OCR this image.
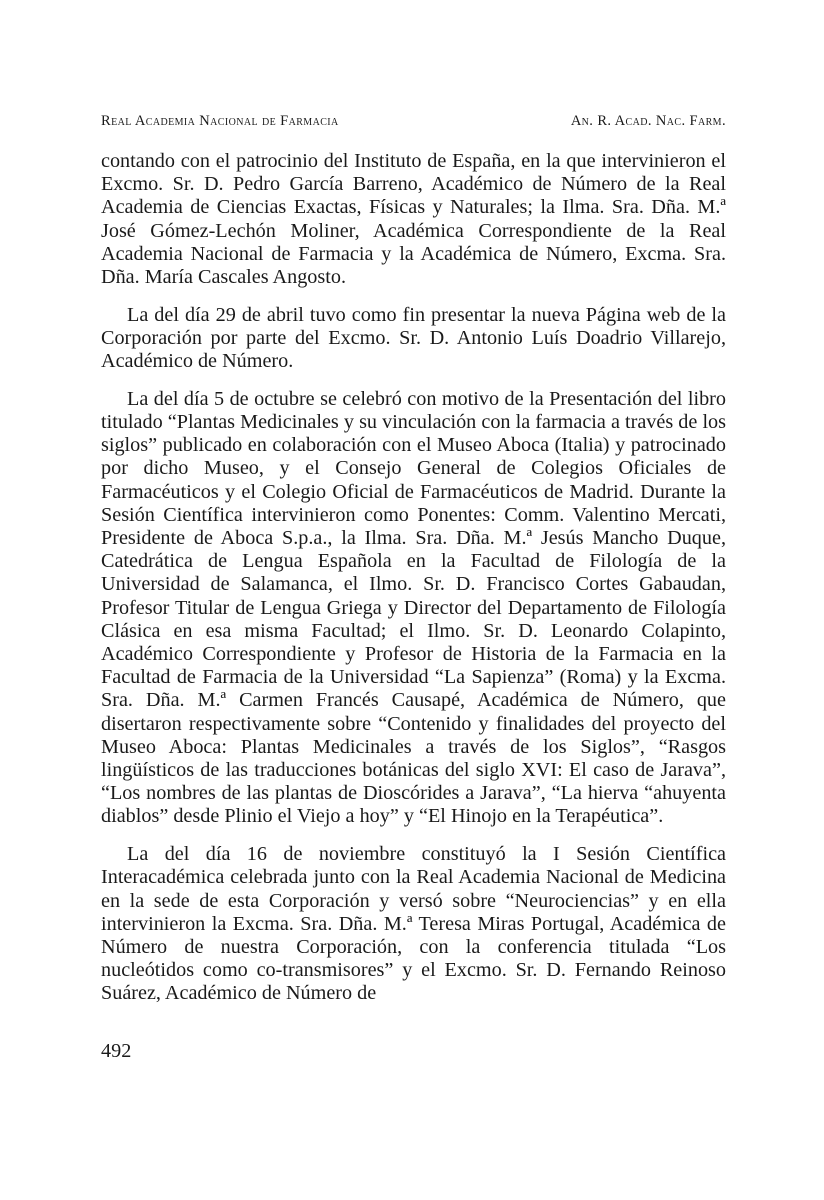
Real Academia Nacional de Farmacia	An. R. Acad. Nac. Farm.

contando con el patrocinio del Instituto de España, en la que intervinieron el Excmo. Sr. D. Pedro García Barreno, Académico de Número de la Real Academia de Ciencias Exactas, Físicas y Naturales; la Ilma. Sra. Dña. M.ª José Gómez-Lechón Moliner, Académica Correspondiente de la Real Academia Nacional de Farmacia y la Académica de Número, Excma. Sra. Dña. María Cascales Angosto.

La del día 29 de abril tuvo como fin presentar la nueva Página web de la Corporación por parte del Excmo. Sr. D. Antonio Luís Doadrio Villarejo, Académico de Número.

La del día 5 de octubre se celebró con motivo de la Presentación del libro titulado “Plantas Medicinales y su vinculación con la farmacia a través de los siglos” publicado en colaboración con el Museo Aboca (Italia) y patrocinado por dicho Museo, y el Consejo General de Colegios Oficiales de Farmacéuticos y el Colegio Oficial de Farmacéuticos de Madrid. Durante la Sesión Científica intervinieron como Ponentes: Comm. Valentino Mercati, Presidente de Aboca S.p.a., la Ilma. Sra. Dña. M.ª Jesús Mancho Duque, Catedrática de Lengua Española en la Facultad de Filología de la Universidad de Salamanca, el Ilmo. Sr. D. Francisco Cortes Gabaudan, Profesor Titular de Lengua Griega y Director del Departamento de Filología Clásica en esa misma Facultad; el Ilmo. Sr. D. Leonardo Colapinto, Académico Correspondiente y Profesor de Historia de la Farmacia en la Facultad de Farmacia de la Universidad “La Sapienza” (Roma) y la Excma. Sra. Dña. M.ª Carmen Francés Causapé, Académica de Número, que disertaron respectivamente sobre “Contenido y finalidades del proyecto del Museo Aboca: Plantas Medicinales a través de los Siglos”, “Rasgos lingüísticos de las traducciones botánicas del siglo XVI: El caso de Jarava”, “Los nombres de las plantas de Dioscórides a Jarava”, “La hierva “ahuyenta diablos” desde Plinio el Viejo a hoy” y “El Hinojo en la Terapéutica”.

La del día 16 de noviembre constituyó la I Sesión Científica Interacadémica celebrada junto con la Real Academia Nacional de Medicina en la sede de esta Corporación y versó sobre “Neurociencias” y en ella intervinieron la Excma. Sra. Dña. M.ª Teresa Miras Portugal, Académica de Número de nuestra Corporación, con la conferencia titulada “Los nucleótidos como co-transmisores” y el Excmo. Sr. D. Fernando Reinoso Suárez, Académico de Número de

492
